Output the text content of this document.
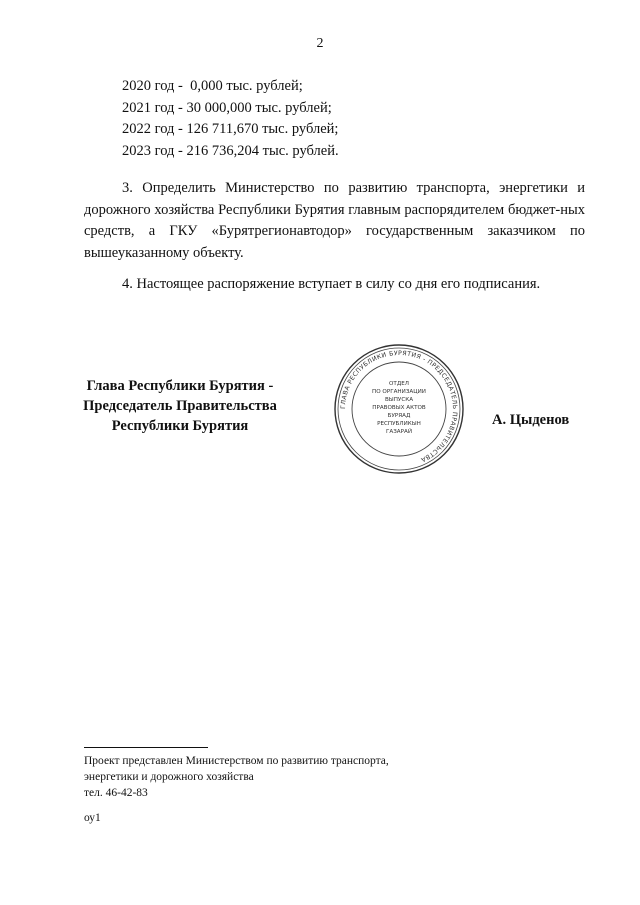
2
2020 год -  0,000 тыс. рублей;
2021 год - 30 000,000 тыс. рублей;
2022 год - 126 711,670 тыс. рублей;
2023 год - 216 736,204 тыс. рублей.
3. Определить Министерство по развитию транспорта, энергетики и дорожного хозяйства Республики Бурятия главным распорядителем бюджет-ных средств, а ГКУ «Бурятрегионавтодор» государственным заказчиком по вышеуказанному объекту.
4. Настоящее распоряжение вступает в силу со дня его подписания.
Глава Республики Бурятия -
Председатель Правительства
Республики Бурятия
ГЛАВА РЕСПУБЛИКИ БУРЯТИЯ - ПРЕДСЕДАТЕЛЬ ПРАВИТЕЛЬСТВА
ОТДЕЛ
ПО ОРГАНИЗАЦИИ
ВЫПУСКА
ПРАВОВЫХ АКТОВ
БУРЯАД
РЕСПУБЛИКЫН
ГАЗАРАЙ
А. Цыденов
Проект представлен Министерством по развитию транспорта,
энергетики и дорожного хозяйства
тел. 46-42-83
оу1
